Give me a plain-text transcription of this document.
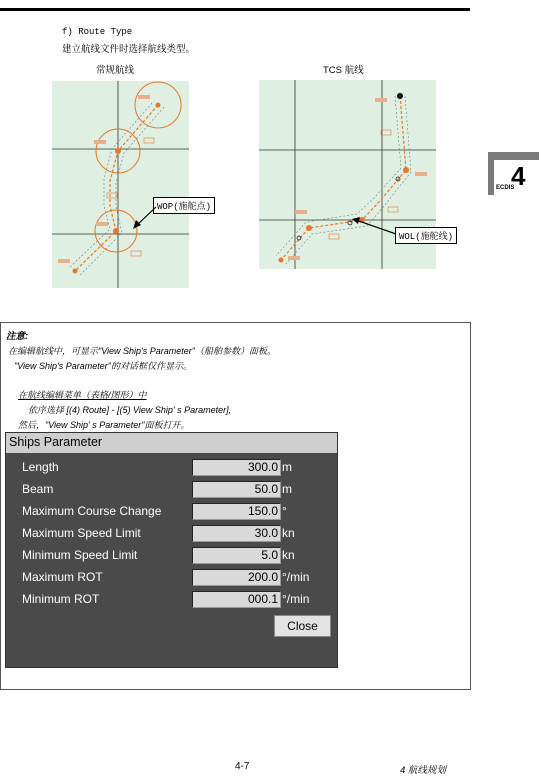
f) Route Type
建立航线文件时选择航线类型。
常规航线	TCS 航线
WOP(施舵点)
WOL(施舵线)
4
ECDIS
注意:
在编辑航线中，可显示"View Ship's Parameter"（船舶参数）面板。
"View Ship's Parameter"的对话框仅作显示。
在航线编辑菜单（表格/图形）中
依序选择 [(4) Route] - [(5) View Ship' s Parameter],
然后，"View Ship' s Parameter"面板打开。
Ships Parameter
Length	300.0 m
Beam	50.0 m
Maximum Course Change	150.0 °
Maximum Speed Limit	30.0 kn
Minimum Speed Limit	5.0 kn
Maximum ROT	200.0 °/min
Minimum ROT	000.1 °/min
Close
4-7	4 航线规划
